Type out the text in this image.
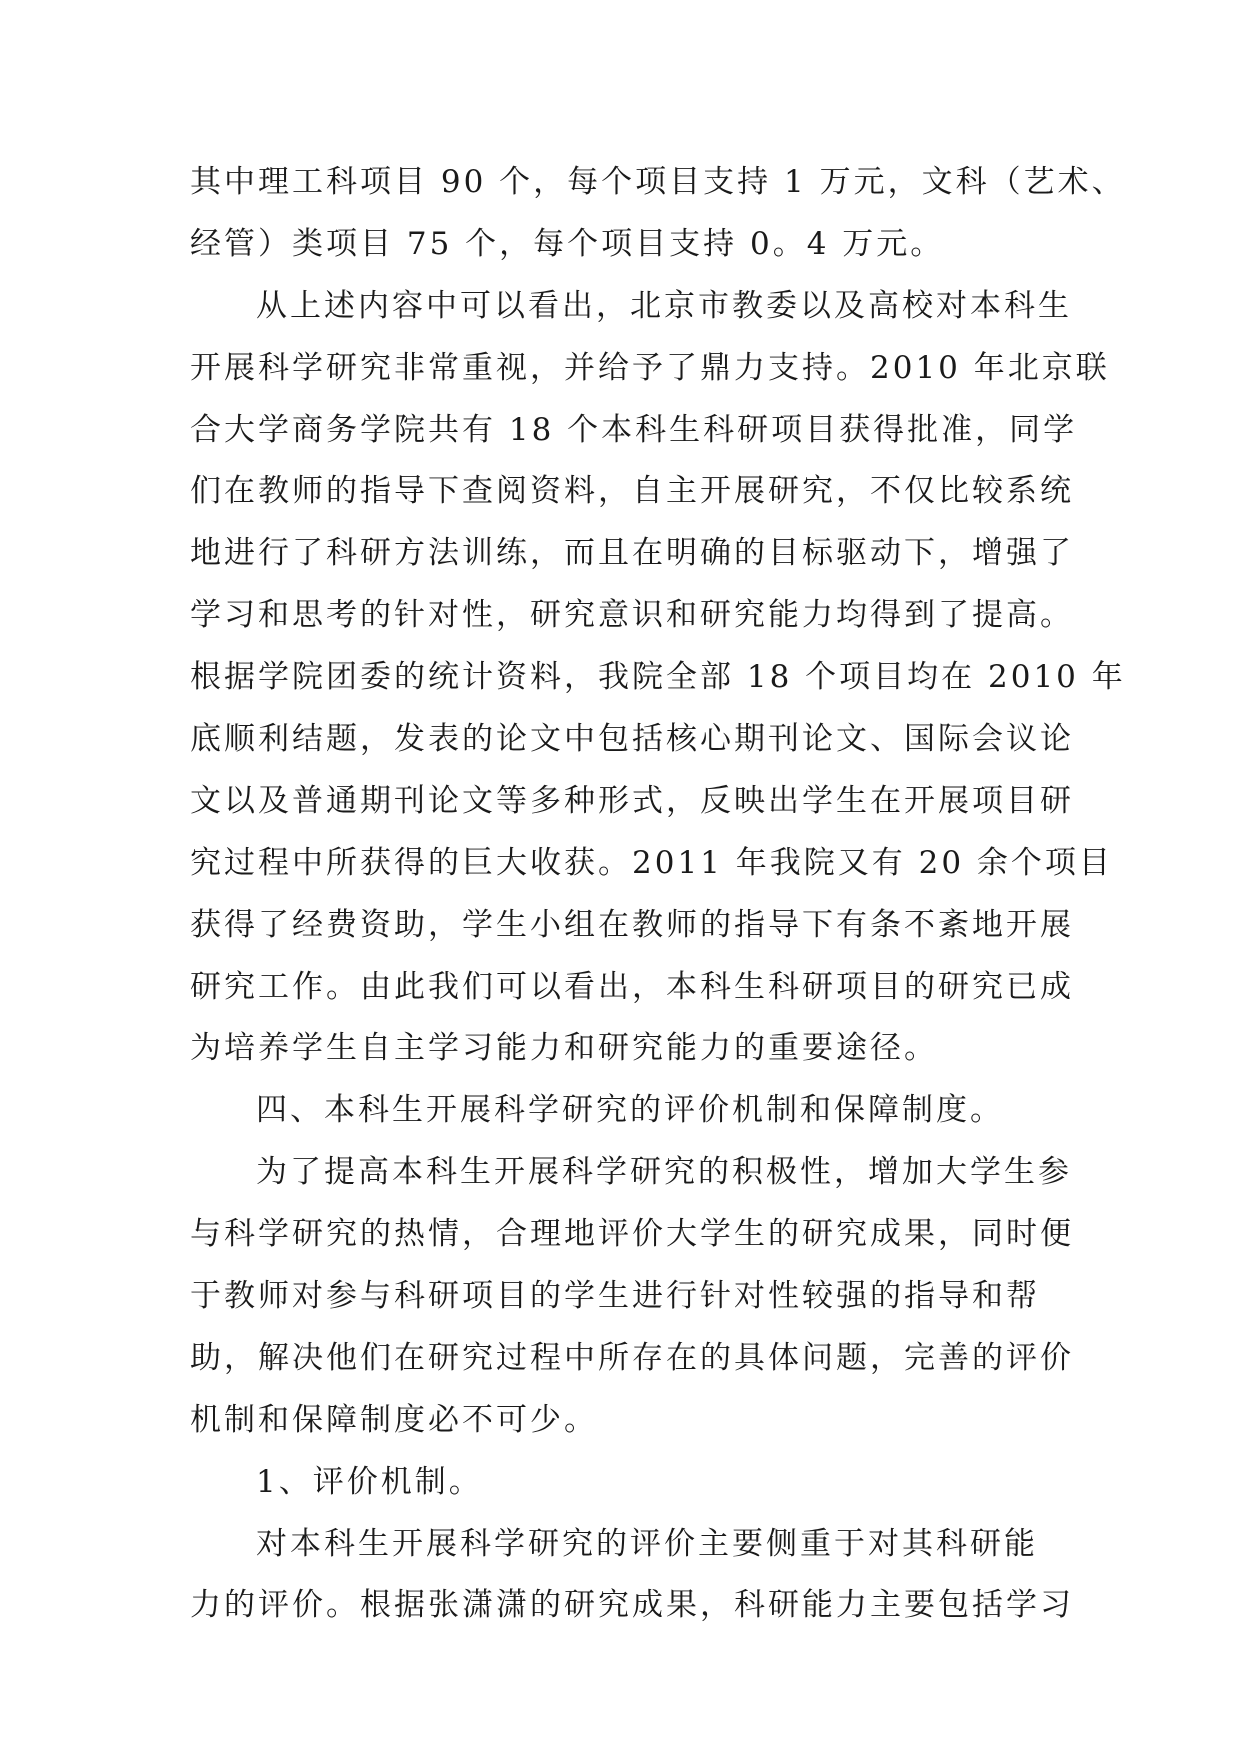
其中理工科项目 90 个，每个项目支持 1 万元，文科（艺术、
经管）类项目 75 个，每个项目支持 0。4 万元。
从上述内容中可以看出，北京市教委以及高校对本科生
开展科学研究非常重视，并给予了鼎力支持。2010 年北京联
合大学商务学院共有 18 个本科生科研项目获得批准，同学
们在教师的指导下查阅资料，自主开展研究，不仅比较系统
地进行了科研方法训练，而且在明确的目标驱动下，增强了
学习和思考的针对性，研究意识和研究能力均得到了提高。
根据学院团委的统计资料，我院全部 18 个项目均在 2010 年
底顺利结题，发表的论文中包括核心期刊论文、国际会议论
文以及普通期刊论文等多种形式，反映出学生在开展项目研
究过程中所获得的巨大收获。2011 年我院又有 20 余个项目
获得了经费资助，学生小组在教师的指导下有条不紊地开展
研究工作。由此我们可以看出，本科生科研项目的研究已成
为培养学生自主学习能力和研究能力的重要途径。
四、本科生开展科学研究的评价机制和保障制度。
为了提高本科生开展科学研究的积极性，增加大学生参
与科学研究的热情，合理地评价大学生的研究成果，同时便
于教师对参与科研项目的学生进行针对性较强的指导和帮
助，解决他们在研究过程中所存在的具体问题，完善的评价
机制和保障制度必不可少。
1、评价机制。
对本科生开展科学研究的评价主要侧重于对其科研能
力的评价。根据张潇潇的研究成果，科研能力主要包括学习
